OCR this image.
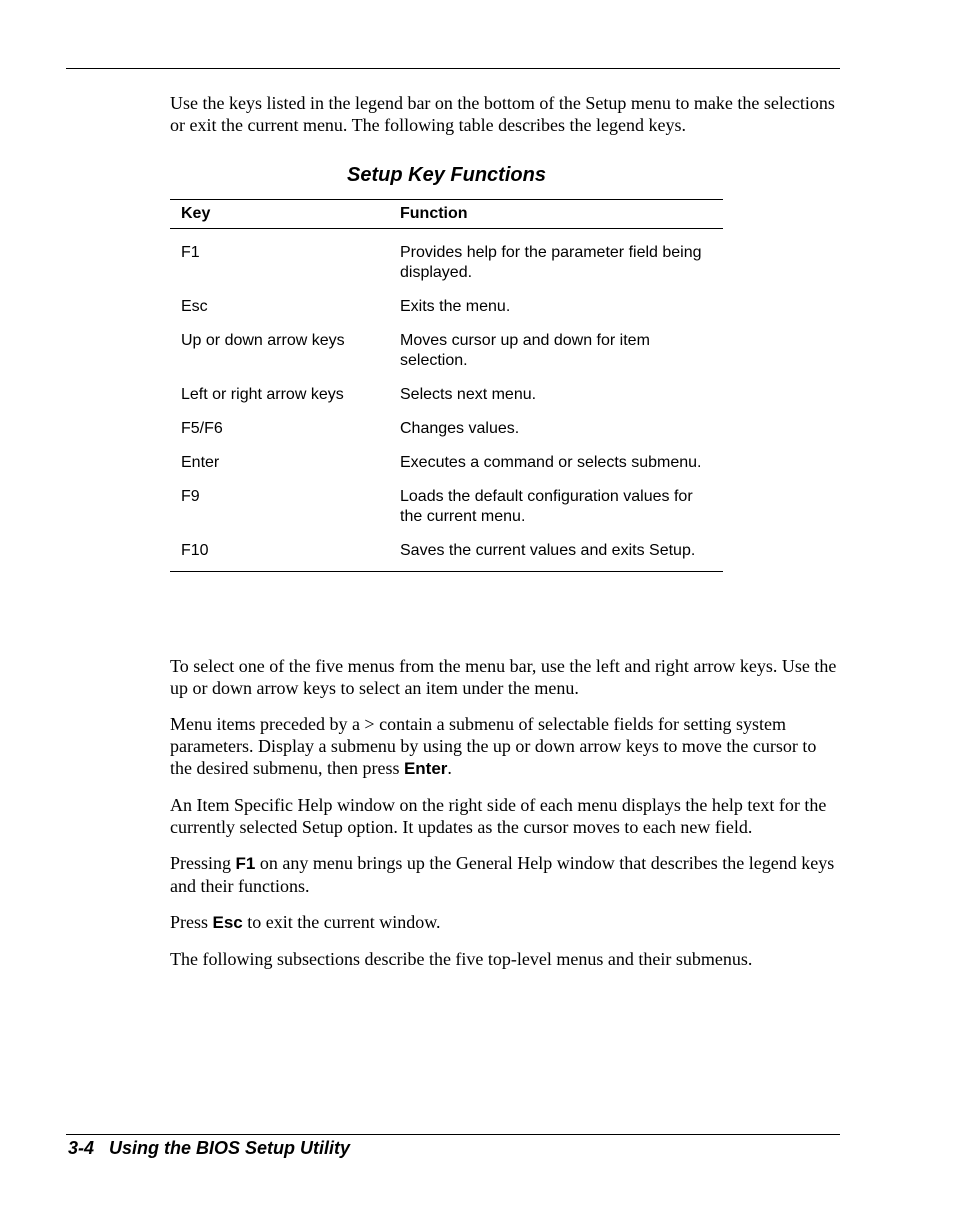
Use the keys listed in the legend bar on the bottom of the Setup menu to make the selections or exit the current menu. The following table describes the legend keys.

Setup Key Functions
Key	Function
F1	Provides help for the parameter field being displayed.
Esc	Exits the menu.
Up or down arrow keys	Moves cursor up and down for item selection.
Left or right arrow keys	Selects next menu.
F5/F6	Changes values.
Enter	Executes a command or selects submenu.
F9	Loads the default configuration values for the current menu.
F10	Saves the current values and exits Setup.

To select one of the five menus from the menu bar, use the left and right arrow keys. Use the up or down arrow keys to select an item under the menu.

Menu items preceded by a > contain a submenu of selectable fields for setting system parameters. Display a submenu by using the up or down arrow keys to move the cursor to the desired submenu, then press Enter.

An Item Specific Help window on the right side of each menu displays the help text for the currently selected Setup option. It updates as the cursor moves to each new field.

Pressing F1 on any menu brings up the General Help window that describes the legend keys and their functions.

Press Esc to exit the current window.

The following subsections describe the five top-level menus and their submenus.

3-4 Using the BIOS Setup Utility
